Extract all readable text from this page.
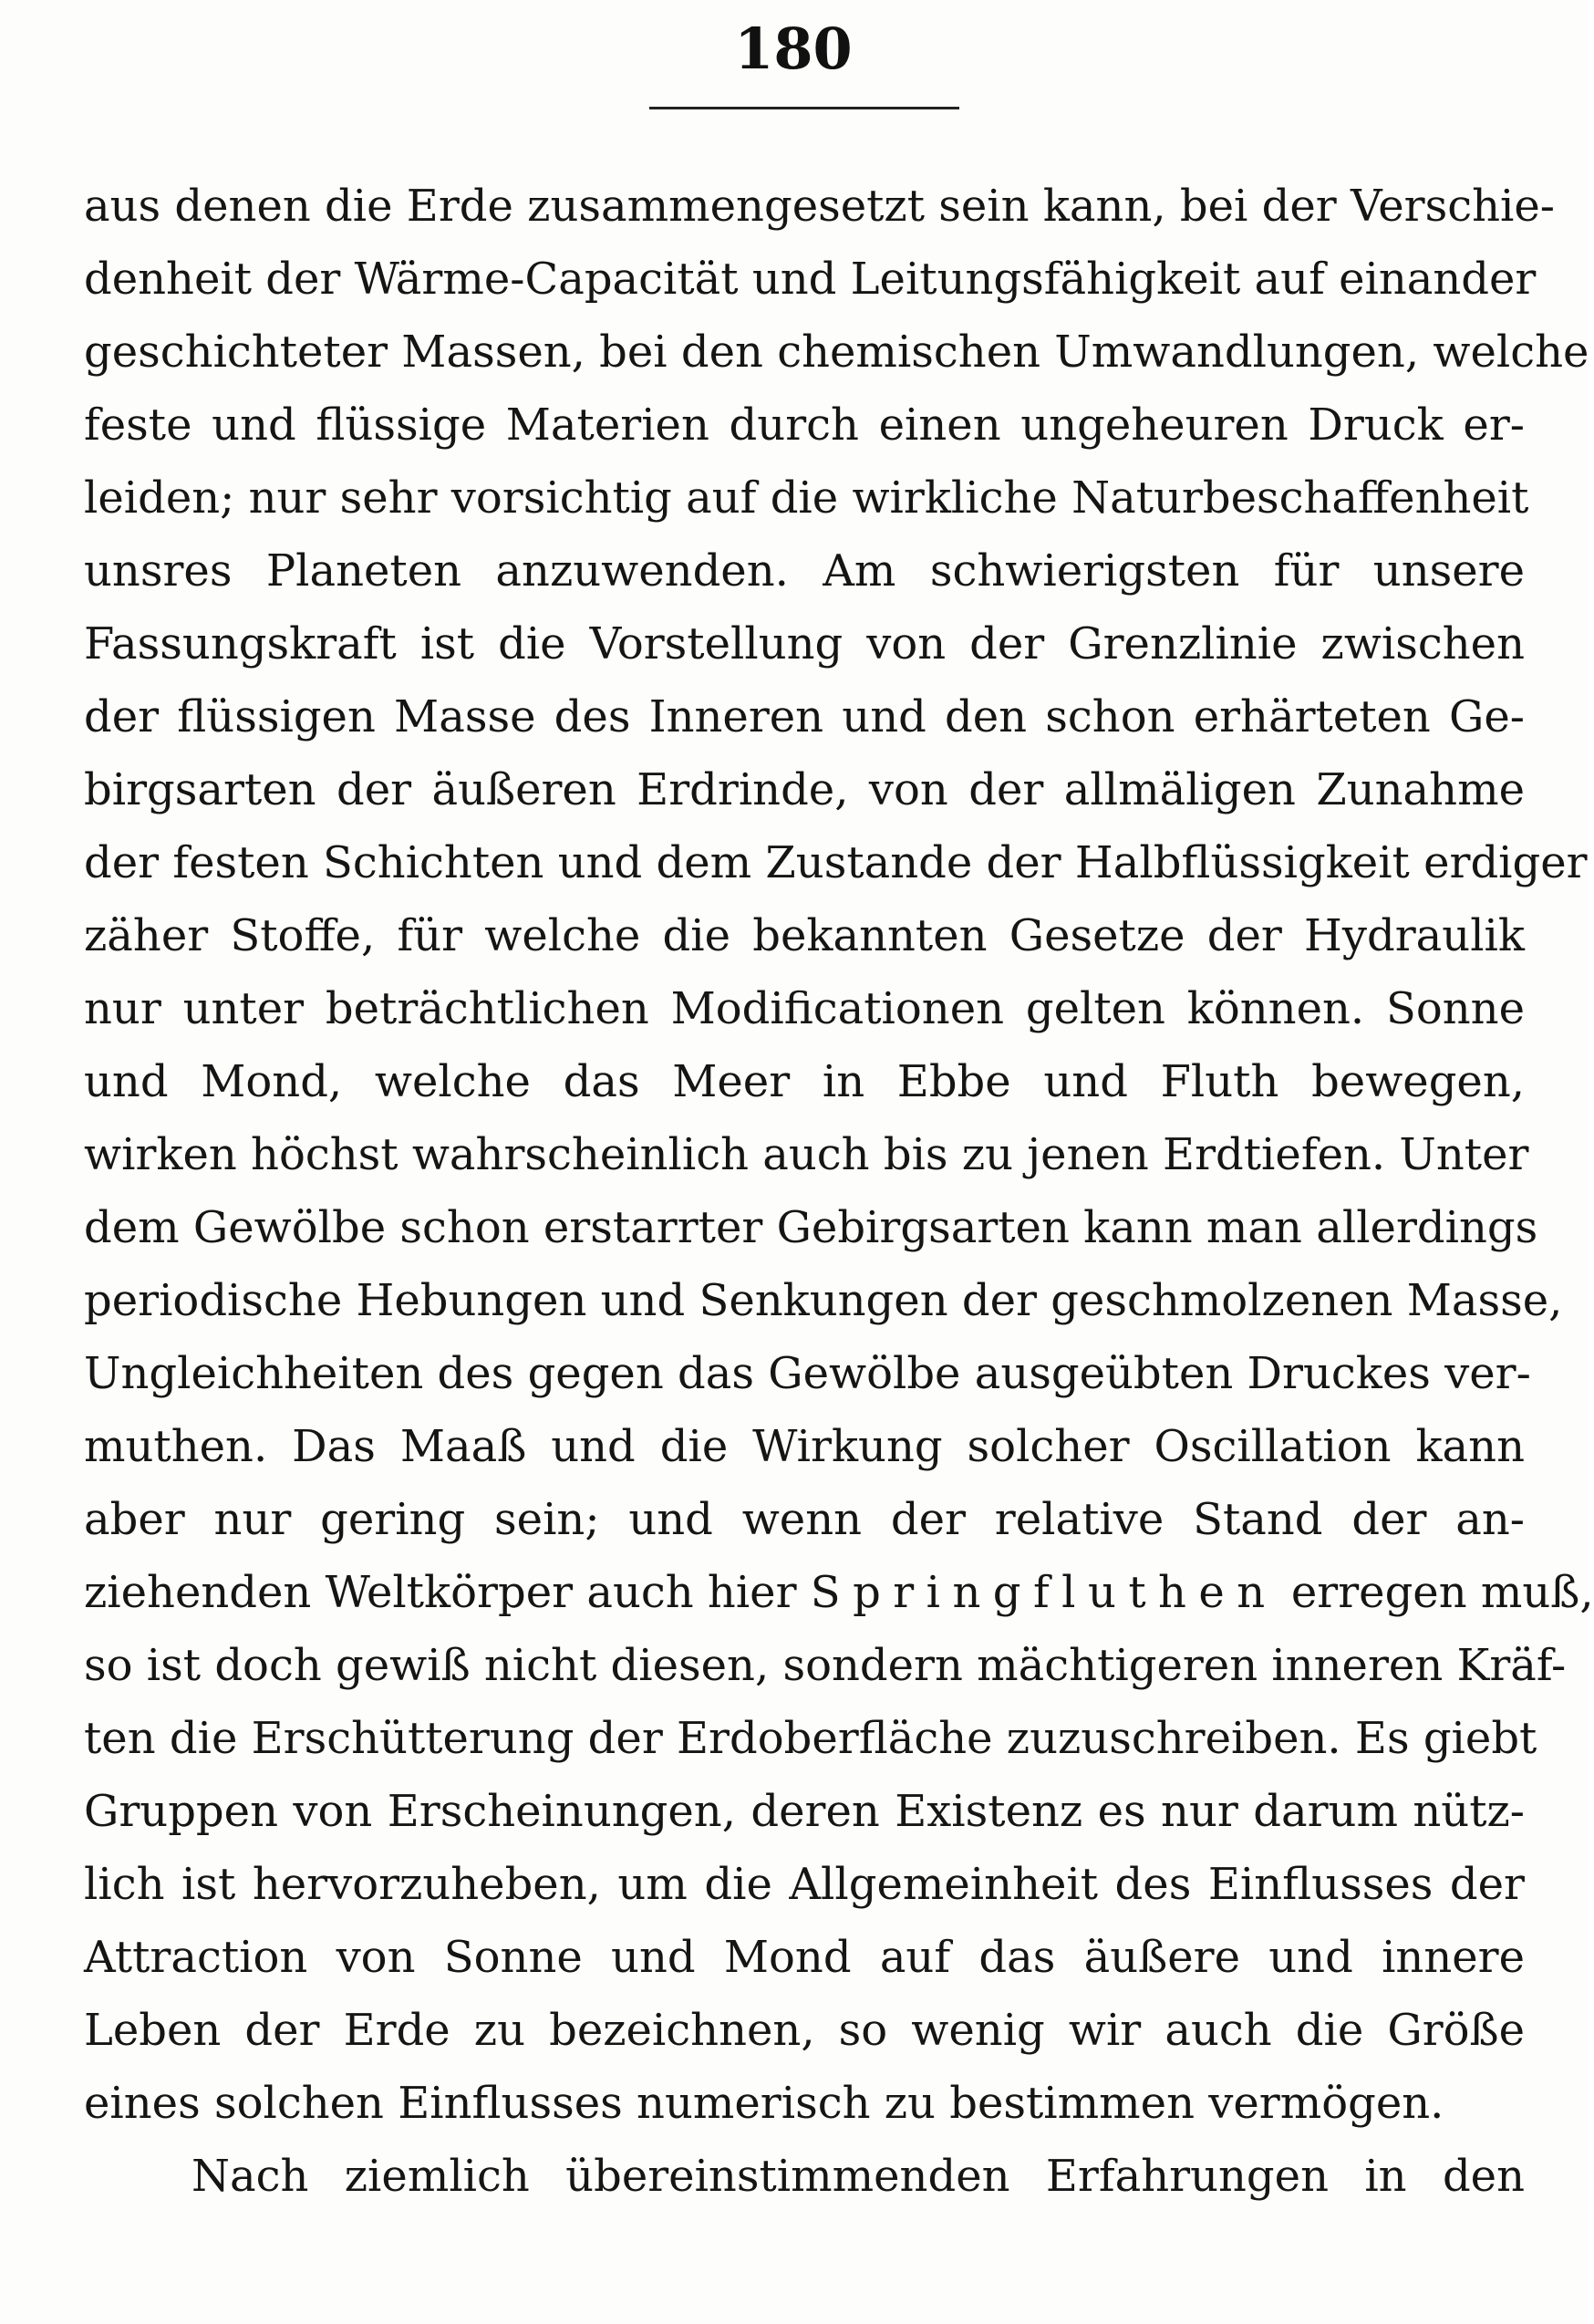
180
aus denen die Erde zusammengesetzt sein kann, bei der Verschie-
denheit der Wärme-Capacität und Leitungsfähigkeit auf einander
geschichteter Massen, bei den chemischen Umwandlungen, welche
feste und flüssige Materien durch einen ungeheuren Druck er-
leiden; nur sehr vorsichtig auf die wirkliche Naturbeschaffenheit
unsres Planeten anzuwenden. Am schwierigsten für unsere
Fassungskraft ist die Vorstellung von der Grenzlinie zwischen
der flüssigen Masse des Inneren und den schon erhärteten Ge-
birgsarten der äußeren Erdrinde, von der allmäligen Zunahme
der festen Schichten und dem Zustande der Halbflüssigkeit erdiger
zäher Stoffe, für welche die bekannten Gesetze der Hydraulik
nur unter beträchtlichen Modificationen gelten können. Sonne
und Mond, welche das Meer in Ebbe und Fluth bewegen,
wirken höchst wahrscheinlich auch bis zu jenen Erdtiefen. Unter
dem Gewölbe schon erstarrter Gebirgsarten kann man allerdings
periodische Hebungen und Senkungen der geschmolzenen Masse,
Ungleichheiten des gegen das Gewölbe ausgeübten Druckes ver-
muthen. Das Maaß und die Wirkung solcher Oscillation kann
aber nur gering sein; und wenn der relative Stand der an-
ziehenden Weltkörper auch hier Springfluthen erregen muß,
so ist doch gewiß nicht diesen, sondern mächtigeren inneren Kräf-
ten die Erschütterung der Erdoberfläche zuzuschreiben. Es giebt
Gruppen von Erscheinungen, deren Existenz es nur darum nütz-
lich ist hervorzuheben, um die Allgemeinheit des Einflusses der
Attraction von Sonne und Mond auf das äußere und innere
Leben der Erde zu bezeichnen, so wenig wir auch die Größe
eines solchen Einflusses numerisch zu bestimmen vermögen.
Nach ziemlich übereinstimmenden Erfahrungen in den
